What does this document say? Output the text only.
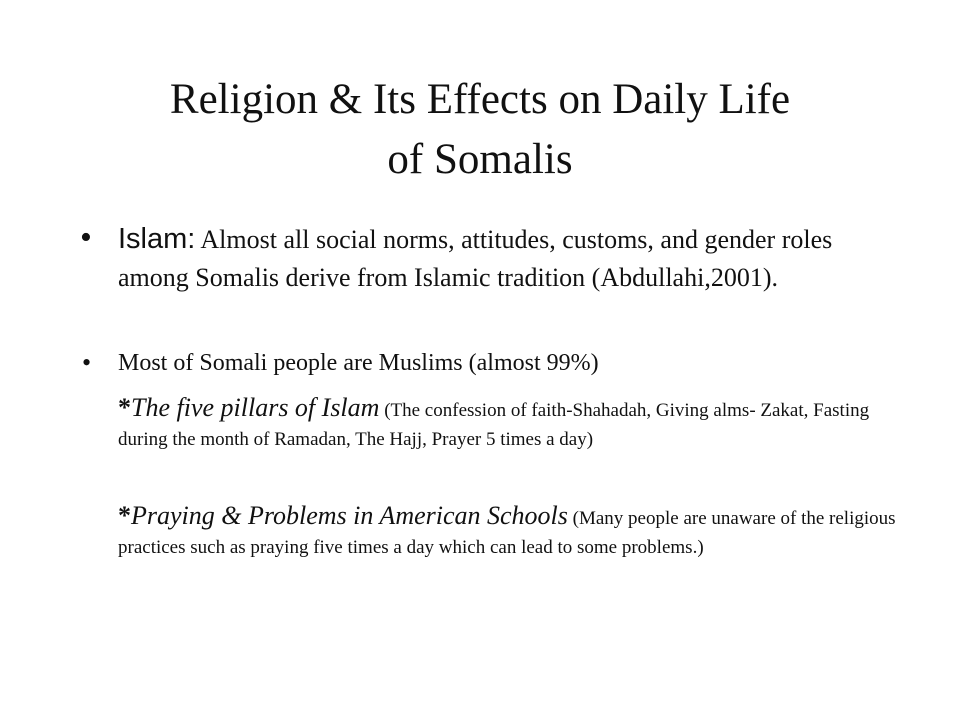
Religion & Its Effects on Daily Life
of Somalis
• Islam: Almost all social norms, attitudes, customs, and gender roles among Somalis derive from Islamic tradition (Abdullahi,2001).
• Most of Somali people are Muslims (almost 99%)
*The five pillars of Islam (The confession of faith-Shahadah, Giving alms- Zakat, Fasting during the month of Ramadan, The Hajj, Prayer 5 times a day)
*Praying & Problems in American Schools (Many people are unaware of the religious practices such as praying five times a day which can lead to some problems.)
